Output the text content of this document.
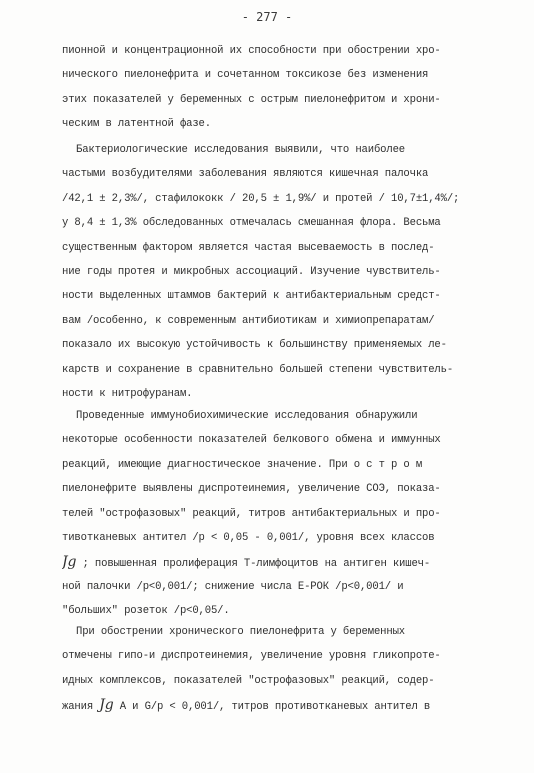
- 277 -
пионной и концентрационной их способности при обострении хро-
нического пиелонефрита и сочетанном токсикозе без изменения
этих показателей у беременных с острым пиелонефритом и хрони-
ческим в латентной фазе.
Бактериологические исследования выявили, что наиболее
частыми возбудителями заболевания являются кишечная палочка
/42,1 ± 2,3%/, стафилококк / 20,5 ± 1,9%/ и протей / 10,7±1,4%/;
у 8,4 ± 1,3% обследованных отмечалась смешанная флора. Весьма
существенным фактором является частая высеваемость в послед-
ние годы протея и микробных ассоциаций. Изучение чувствитель-
ности выделенных штаммов бактерий к антибактериальным средст-
вам /особенно, к современным антибиотикам и химиопрепаратам/
показало их высокую устойчивость к большинству применяемых ле-
карств и сохранение в сравнительно большей степени чувствитель-
ности к нитрофуранам.
Проведенные иммунобиохимические исследования обнаружили
некоторые особенности показателей белкового обмена и иммунных
реакций, имеющие диагностическое значение. При о с т р о м
пиелонефрите выявлены диспротеинемия, увеличение СОЭ, показа-
телей "острофазовых" реакций, титров антибактериальных и про-
тивотканевых антител /р < 0,05 - 0,001/, уровня всех классов
Jg ; повышенная пролиферация Т-лимфоцитов на антиген кишеч-
ной палочки /р<0,001/; снижение числа Е-РОК /р<0,001/ и
"больших" розеток /р<0,05/.
При обострении хронического пиелонефрита у беременных
отмечены гипо-и диспротеинемия, увеличение уровня гликопроте-
идных комплексов, показателей "острофазовых" реакций, содер-
жания Jg А и G/р < 0,001/, титров противотканевых антител в
